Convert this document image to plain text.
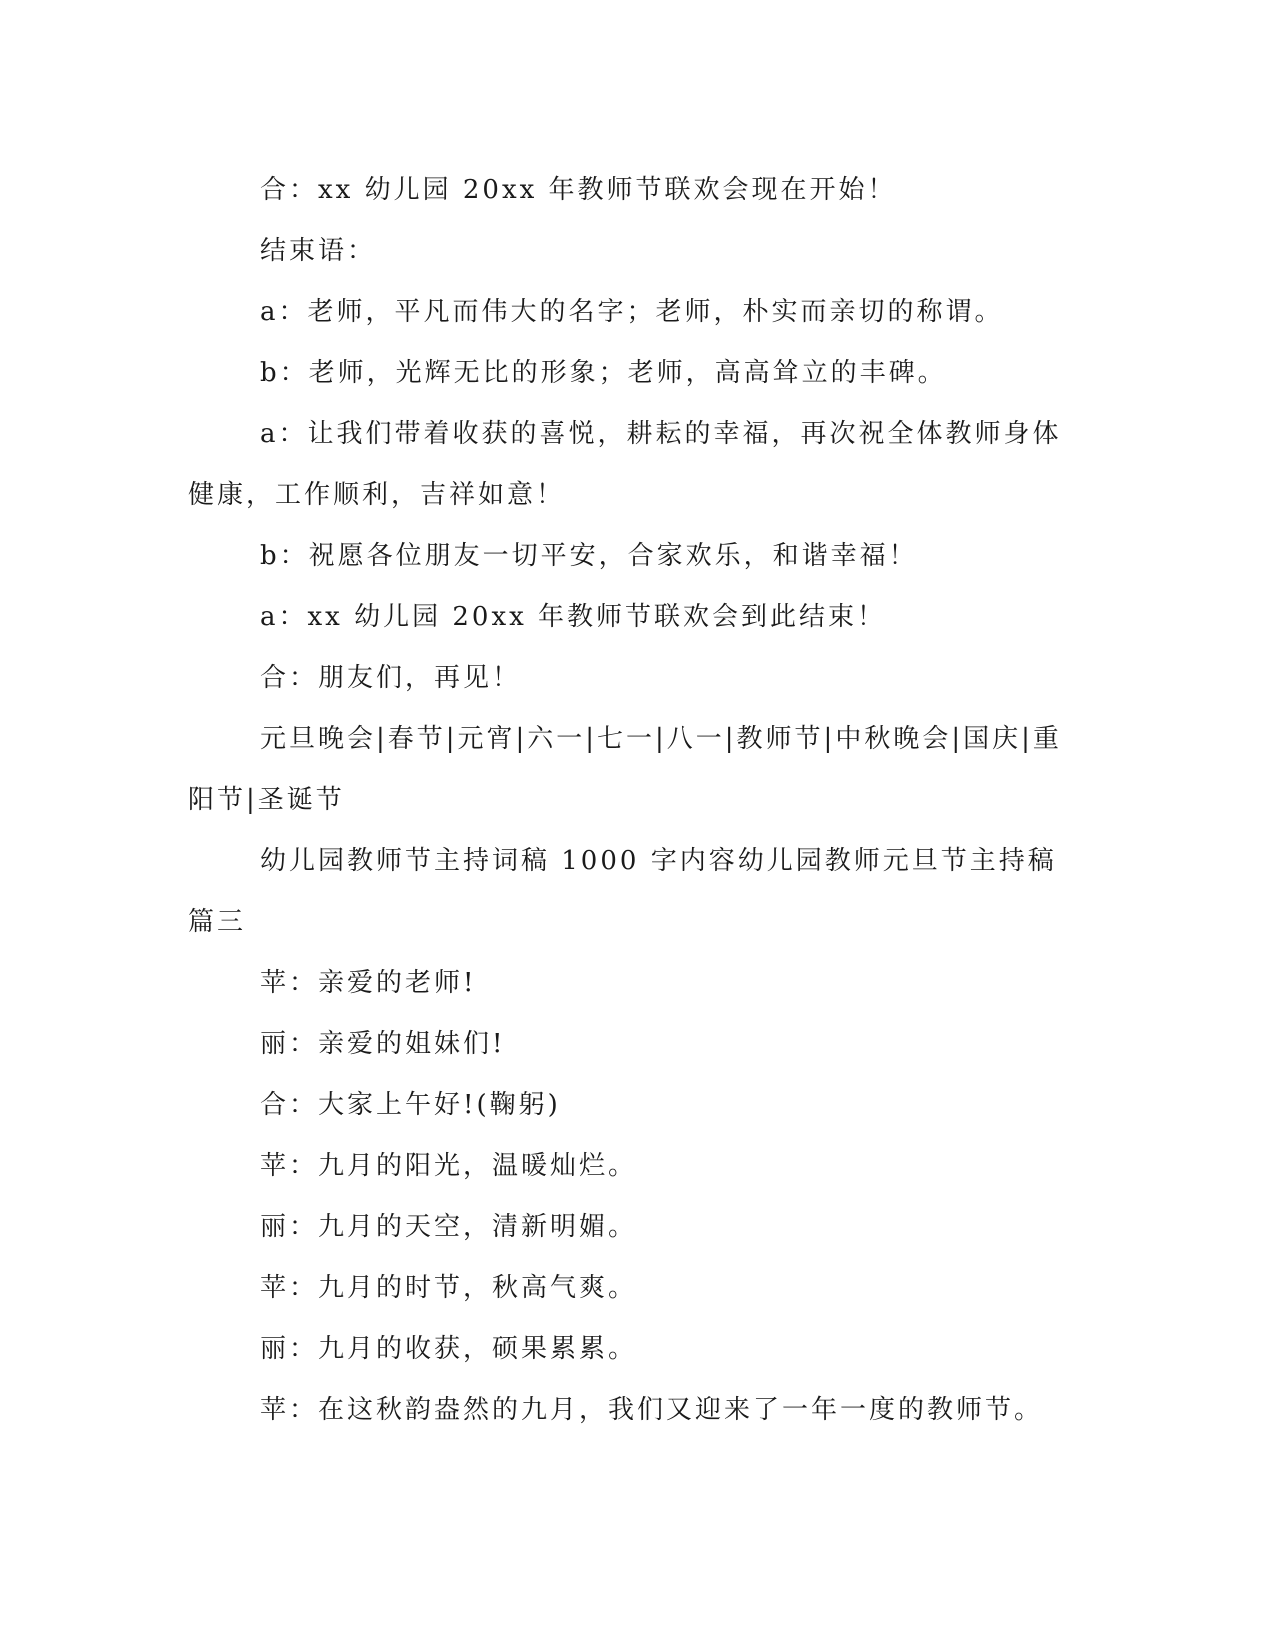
合：xx 幼儿园 20xx 年教师节联欢会现在开始！

结束语：

a：老师，平凡而伟大的名字；老师，朴实而亲切的称谓。

b：老师，光辉无比的形象；老师，高高耸立的丰碑。

a：让我们带着收获的喜悦，耕耘的幸福，再次祝全体教师身体健康，工作顺利，吉祥如意！

b：祝愿各位朋友一切平安，合家欢乐，和谐幸福！

a：xx 幼儿园 20xx 年教师节联欢会到此结束！

合：朋友们，再见！

元旦晚会|春节|元宵|六一|七一|八一|教师节|中秋晚会|国庆|重阳节|圣诞节

幼儿园教师节主持词稿 1000 字内容幼儿园教师元旦节主持稿篇三

苹：亲爱的老师!

丽：亲爱的姐妹们!

合：大家上午好!(鞠躬)

苹：九月的阳光，温暖灿烂。

丽：九月的天空，清新明媚。

苹：九月的时节，秋高气爽。

丽：九月的收获，硕果累累。

苹：在这秋韵盎然的九月，我们又迎来了一年一度的教师节。
